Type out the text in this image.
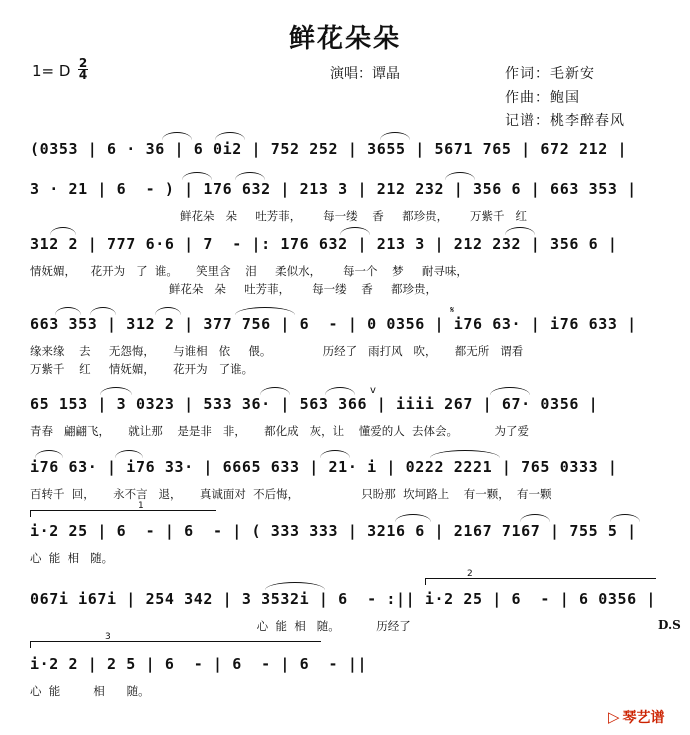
鲜花朵朵
1= D 2
4	演唱：谭晶	作词：毛新安
作曲：鲍国
记谱：桃李醉春风
(0353 | 6 · 36 | 6 0i2 | 752 252 | 3655 | 5671 765 | 672 212 |
3 · 21 | 6  - ) | 176 632 | 213 3 | 212 232 | 356 6 | 663 353 |
鲜花朵   朵     吐芳菲，      每一缕    香     都珍贵，      万紫千   红
312 2 | 777 6·6 | 7  - |: 176 632 | 213 3 | 212 232 | 356 6 |
情妩媚，    花开为   了  谁。     笑里含    泪     柔似水，      每一个    梦     耐寻味，
鲜花朵   朵     吐芳菲，      每一缕    香     都珍贵，
663 353 | 312 2 | 377 756 | 6  - | 0 0356 | i76 63· | i76 633 |
缘来缘    去     无怨悔，     与谁相   依     偎。              历经了   雨打风   吹，     都无所   谓看
万紫千    红     情妩媚，     花开为   了谁。
𝄋
65 153 | 3 0323 | 533 36· | 563 366 | iiii 267 | 67· 0356 |
青春   翩翩飞，     就让那    是是非   非，     都化成   灰，让    懂爱的人  去体会。          为了爱
v
i76 63· | i76 33· | 6665 633 | 21· i | 0222 2221 | 765 0333 |
百转千  回，     永不言   退，     真诚面对  不后悔，                 只盼那  坎坷路上    有一颗，  有一颗
1
i·2 25 | 6  - | 6  - | ( 333 333 | 3216 6 | 2167 7167 | 755 5 |
心  能  相   随。
2
067i i67i | 254 342 | 3 3532i | 6  - :|| i·2 25 | 6  - | 6 0356 |
心  能  相   随。          历经了	D.S
3
i·2 2 | 2 5 | 6  - | 6  - | 6  - ||
心  能         相      随。
▷ 琴艺谱
